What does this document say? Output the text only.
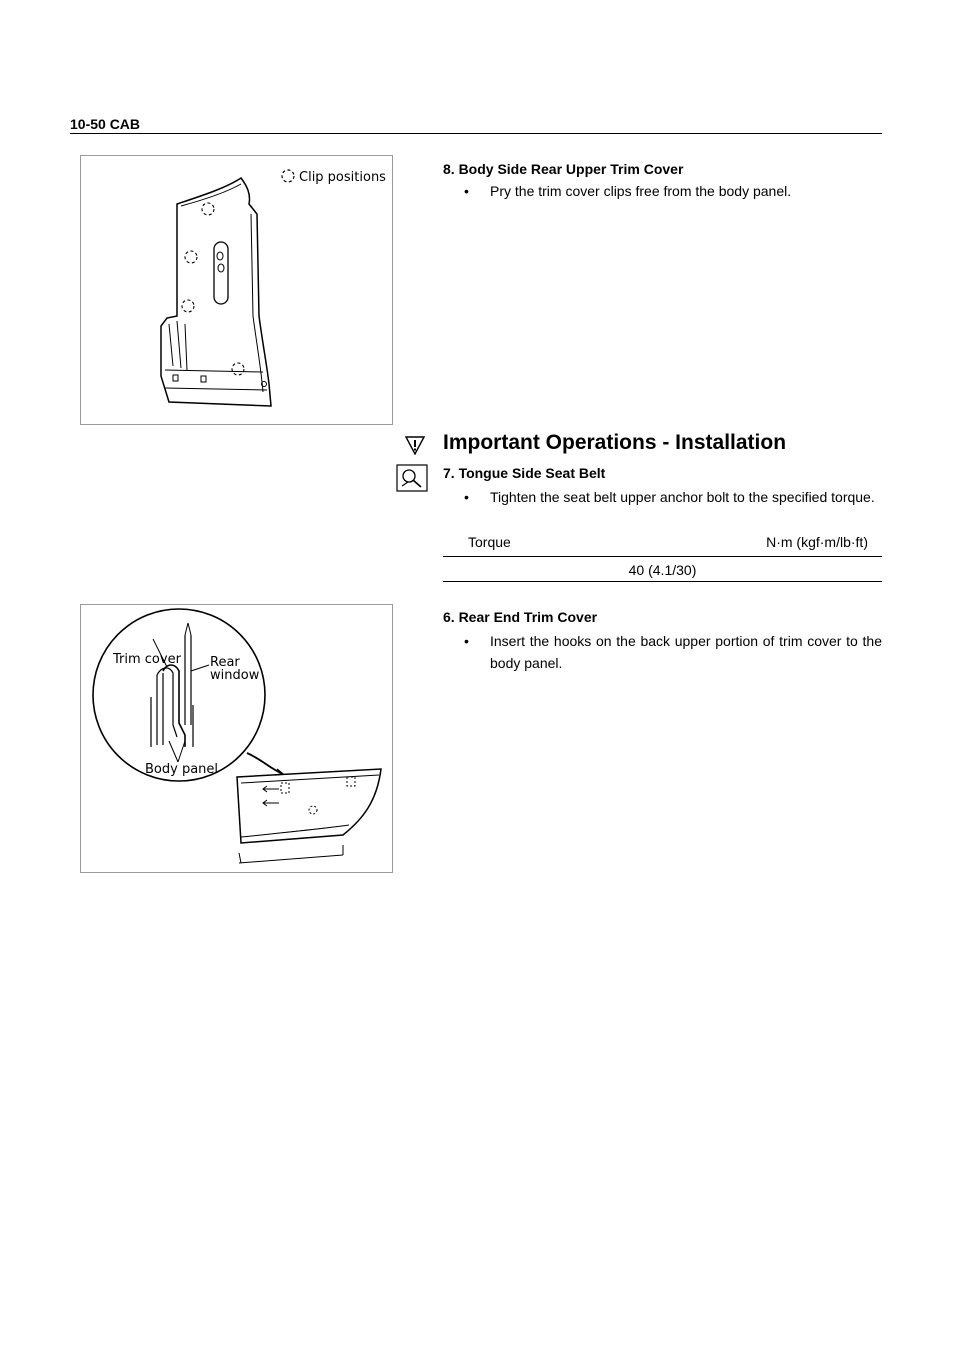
10-50 CAB
Clip positions
8. Body Side Rear Upper Trim Cover
•	Pry the trim cover clips free from the body panel.
Important Operations - Installation
7. Tongue Side Seat Belt
•	Tighten the seat belt upper anchor bolt to the specified torque.
Torque	N·m (kgf·m/lb·ft)
40 (4.1/30)
Trim cover Rear
window
Body panel
6. Rear End Trim Cover
•	Insert the hooks on the back upper portion of trim cover to the body panel.
